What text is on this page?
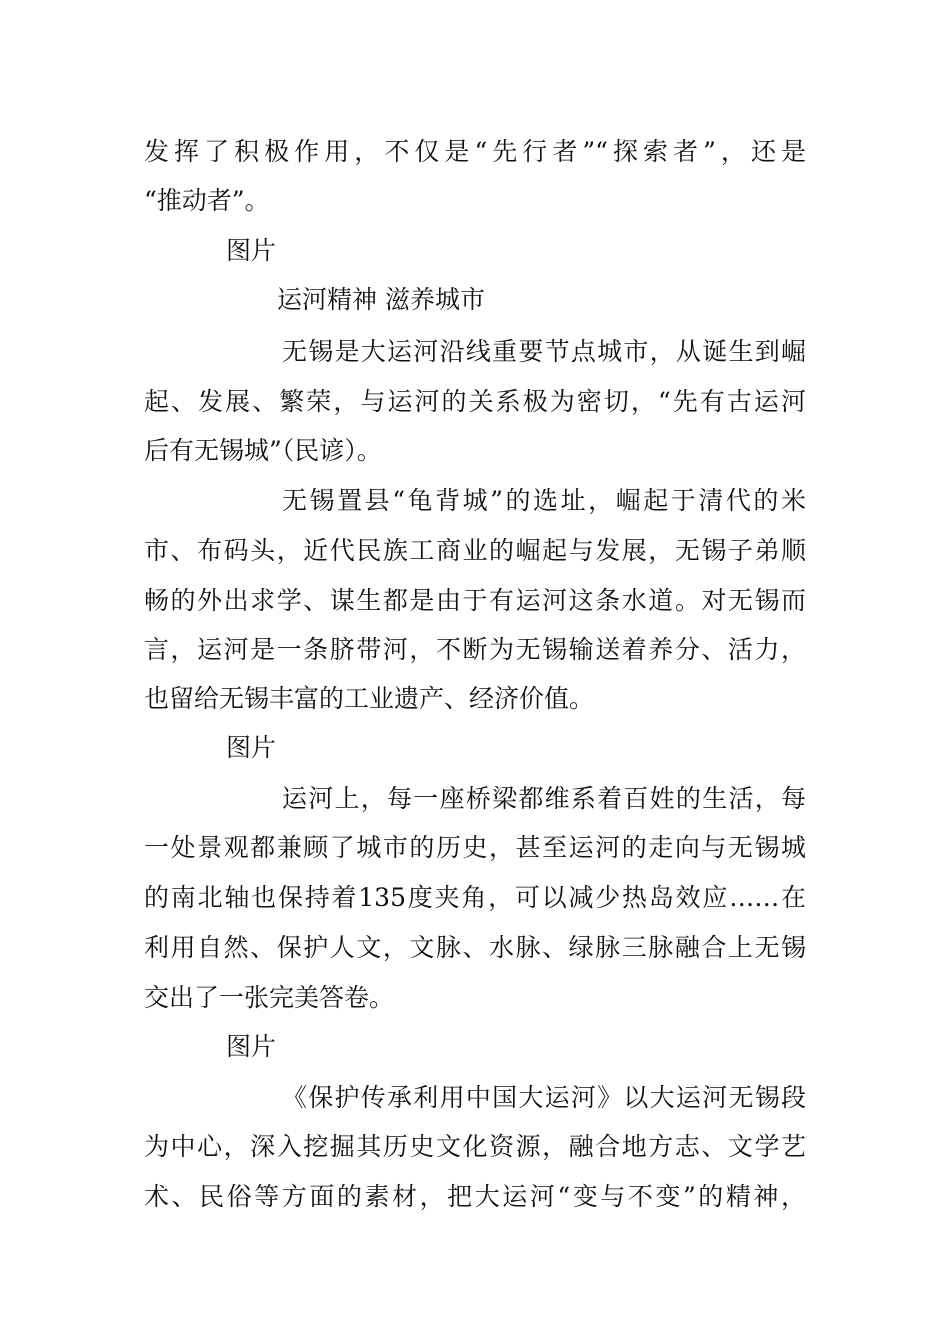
发挥了积极作用，不仅是“先行者”“探索者”，还是
“推动者”。
图片
运河精神 滋养城市
无锡是大运河沿线重要节点城市，从诞生到崛
起、发展、繁荣，与运河的关系极为密切，“先有古运河
后有无锡城”（民谚）。
无锡置县“龟背城”的选址，崛起于清代的米
市、布码头，近代民族工商业的崛起与发展，无锡子弟顺
畅的外出求学、谋生都是由于有运河这条水道。对无锡而
言，运河是一条脐带河，不断为无锡输送着养分、活力，
也留给无锡丰富的工业遗产、经济价值。
图片
运河上，每一座桥梁都维系着百姓的生活，每
一处景观都兼顾了城市的历史，甚至运河的走向与无锡城
的南北轴也保持着135度夹角，可以减少热岛效应……在
利用自然、保护人文，文脉、水脉、绿脉三脉融合上无锡
交出了一张完美答卷。
图片
《保护传承利用中国大运河》以大运河无锡段
为中心，深入挖掘其历史文化资源，融合地方志、文学艺
术、民俗等方面的素材，把大运河“变与不变”的精神，
